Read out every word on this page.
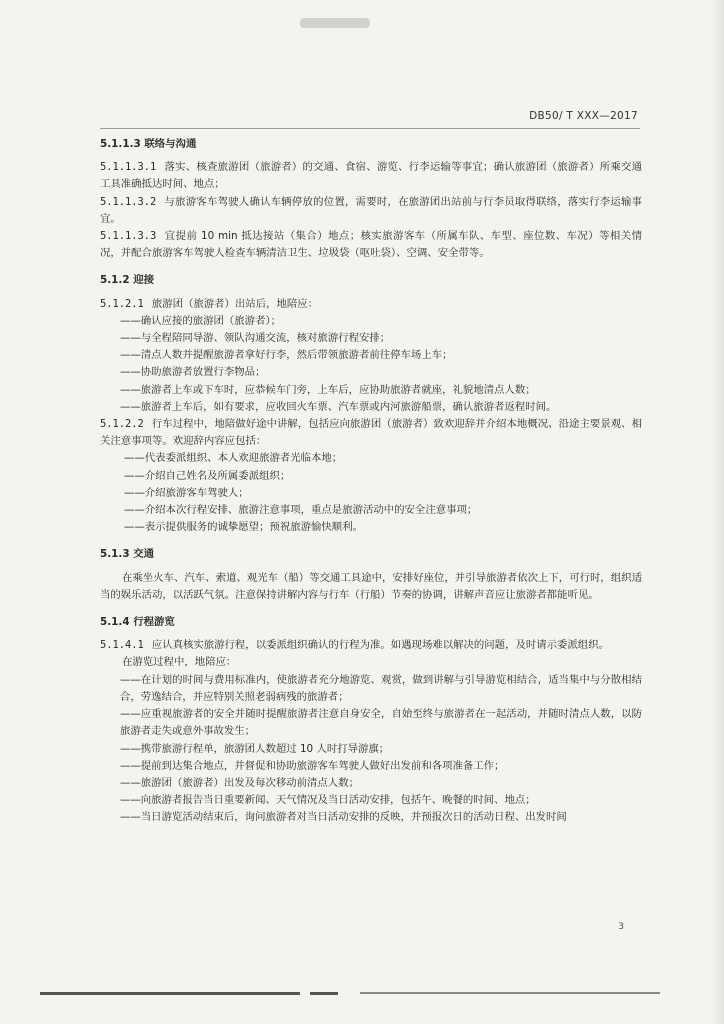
DB50/ T XXX—2017

5.1.1.3 联络与沟通

5.1.1.3.1 落实、核查旅游团（旅游者）的交通、食宿、游览、行李运输等事宜；确认旅游团（旅游者）所乘交通工具准确抵达时间、地点；

5.1.1.3.2 与旅游客车驾驶人确认车辆停放的位置，需要时，在旅游团出站前与行李员取得联络，落实行李运输事宜。

5.1.1.3.3 宜提前 10 min 抵达接站（集合）地点；核实旅游客车（所属车队、车型、座位数、车况）等相关情况，并配合旅游客车驾驶人检查车辆清洁卫生、垃圾袋（呕吐袋）、空调、安全带等。

5.1.2 迎接

5.1.2.1 旅游团（旅游者）出站后，地陪应：

——确认应接的旅游团（旅游者）；
——与全程陪同导游、领队沟通交流，核对旅游行程安排；
——清点人数并提醒旅游者拿好行李，然后带领旅游者前往停车场上车；
——协助旅游者放置行李物品；
——旅游者上车或下车时，应恭候车门旁，上车后，应协助旅游者就座，礼貌地清点人数；
——旅游者上车后，如有要求，应收回火车票、汽车票或内河旅游船票，确认旅游者返程时间。

5.1.2.2 行车过程中，地陪做好途中讲解，包括应向旅游团（旅游者）致欢迎辞并介绍本地概况、沿途主要景观、相关注意事项等。欢迎辞内容应包括：

——代表委派组织、本人欢迎旅游者光临本地；
——介绍自己姓名及所属委派组织；
——介绍旅游客车驾驶人；
——介绍本次行程安排、旅游注意事项，重点是旅游活动中的安全注意事项；
——表示提供服务的诚挚愿望；预祝旅游愉快顺利。

5.1.3 交通

在乘坐火车、汽车、索道、观光车（船）等交通工具途中，安排好座位，并引导旅游者依次上下，可行时，组织适当的娱乐活动，以活跃气氛。注意保持讲解内容与行车（行船）节奏的协调，讲解声音应让旅游者都能听见。

5.1.4 行程游览

5.1.4.1 应认真核实旅游行程，以委派组织确认的行程为准。如遇现场难以解决的问题，及时请示委派组织。

在游览过程中，地陪应：

——在计划的时间与费用标准内，使旅游者充分地游览、观赏，做到讲解与引导游览相结合，适当集中与分散相结合，劳逸结合，并应特别关照老弱病残的旅游者；

——应重视旅游者的安全并随时提醒旅游者注意自身安全，自始至终与旅游者在一起活动，并随时清点人数，以防旅游者走失或意外事故发生；

——携带旅游行程单，旅游团人数超过 10 人时打导游旗；

——提前到达集合地点，并督促和协助旅游客车驾驶人做好出发前和各项准备工作；

——旅游团（旅游者）出发及每次移动前清点人数；

——向旅游者报告当日重要新闻、天气情况及当日活动安排，包括午、晚餐的时间、地点；

——当日游览活动结束后，询问旅游者对当日活动安排的反映，并预报次日的活动日程、出发时间

3
